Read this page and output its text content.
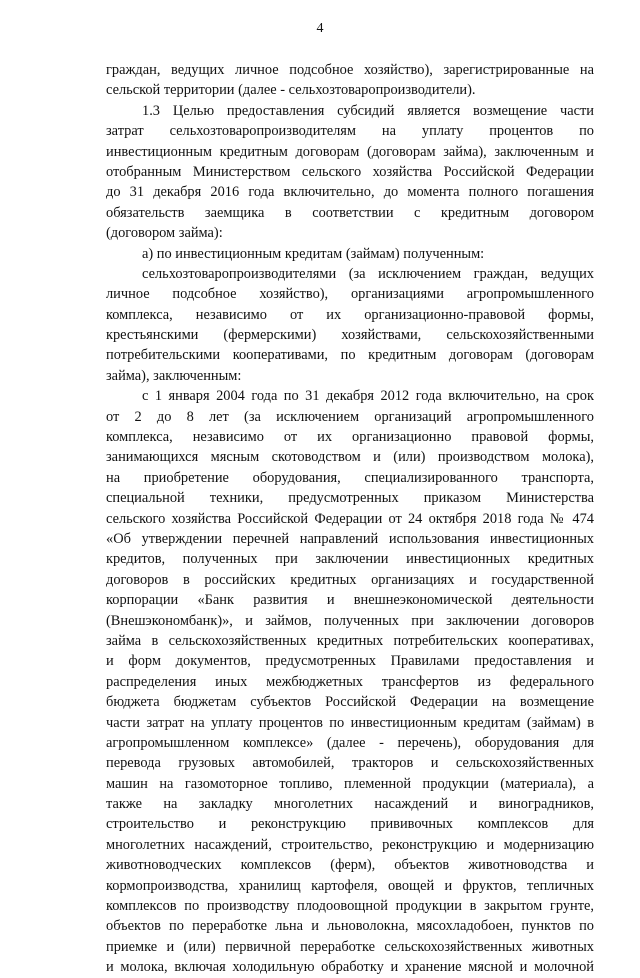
4
граждан, ведущих личное подсобное хозяйство), зарегистрированные на
сельской территории (далее - сельхозтоваропроизводители).
1.3 Целью предоставления субсидий является возмещение части
затрат сельхозтоваропроизводителям на уплату процентов по
инвестиционным кредитным договорам (договорам займа), заключенным и
отобранным Министерством сельского хозяйства Российской Федерации
до 31 декабря 2016 года включительно, до момента полного погашения
обязательств заемщика в соответствии с кредитным договором
(договором займа):
а) по инвестиционным кредитам (займам) полученным:
сельхозтоваропроизводителями (за исключением граждан, ведущих
личное подсобное хозяйство), организациями агропромышленного
комплекса, независимо от их организационно-правовой формы,
крестьянскими (фермерскими) хозяйствами, сельскохозяйственными
потребительскими кооперативами, по кредитным договорам (договорам
займа), заключенным:
с 1 января 2004 года по 31 декабря 2012 года включительно, на срок
от 2 до 8 лет (за исключением организаций агропромышленного
комплекса, независимо от их организационно правовой формы,
занимающихся мясным скотоводством и (или) производством молока),
на приобретение оборудования, специализированного транспорта,
специальной техники, предусмотренных приказом Министерства
сельского хозяйства Российской Федерации от 24 октября 2018 года № 474
«Об утверждении перечней направлений использования инвестиционных
кредитов, полученных при заключении инвестиционных кредитных
договоров в российских кредитных организациях и государственной
корпорации «Банк развития и внешнеэкономической деятельности
(Внешэкономбанк)», и займов, полученных при заключении договоров
займа в сельскохозяйственных кредитных потребительских кооперативах,
и форм документов, предусмотренных Правилами предоставления и
распределения иных межбюджетных трансфертов из федерального
бюджета бюджетам субъектов Российской Федерации на возмещение
части затрат на уплату процентов по инвестиционным кредитам (займам) в
агропромышленном комплексе» (далее - перечень), оборудования для
перевода грузовых автомобилей, тракторов и сельскохозяйственных
машин на газомоторное топливо, племенной продукции (материала), а
также на закладку многолетних насаждений и виноградников,
строительство и реконструкцию прививочных комплексов для
многолетних насаждений, строительство, реконструкцию и модернизацию
животноводческих комплексов (ферм), объектов животноводства и
кормопроизводства, хранилищ картофеля, овощей и фруктов, тепличных
комплексов по производству плодоовощной продукции в закрытом грунте,
объектов по переработке льна и льноволокна, мясохладобоен, пунктов по
приемке и (или) первичной переработке сельскохозяйственных животных
и молока, включая холодильную обработку и хранение мясной и молочной
